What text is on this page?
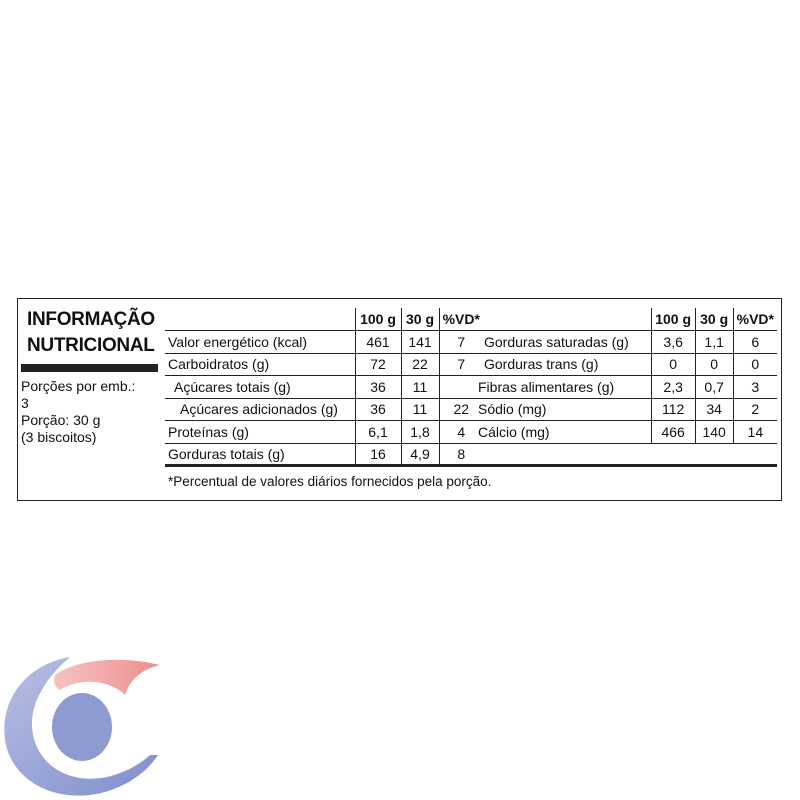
INFORMAÇÃO
NUTRICIONAL
Porções por emb.:
3
Porção: 30 g
(3 biscoitos)
	100 g	30 g	%VD*
Valor energético (kcal)	461	141	7
Carboidratos (g)	72	22	7
Açúcares totais (g)	36	11	
Açúcares adicionados (g)	36	11	22
Proteínas (g)	6,1	1,8	4
Gorduras totais (g)	16	4,9	8
	100 g	30 g	%VD*
Gorduras saturadas (g)	3,6	1,1	6
Gorduras trans (g)	0	0	0
Fibras alimentares (g)	2,3	0,7	3
Sódio (mg)	112	34	2
Cálcio (mg)	466	140	14

*Percentual de valores diários fornecidos pela porção.
